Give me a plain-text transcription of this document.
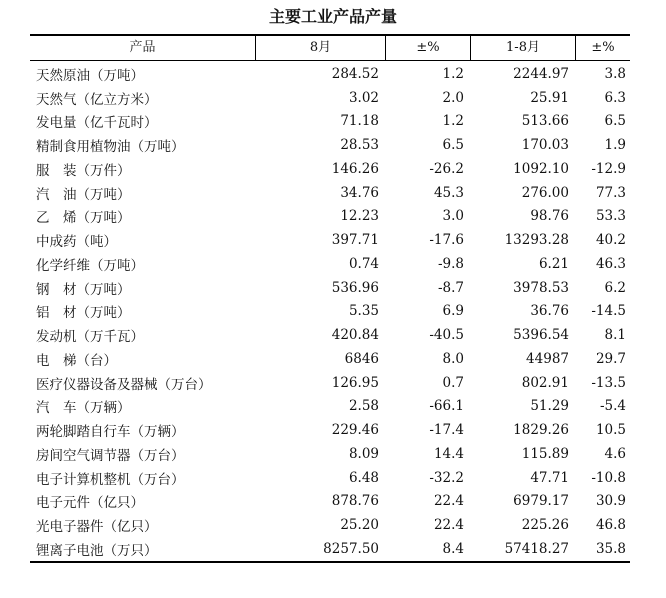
主要工业产品产量
产品	8月	±%	1-8月	±%
天然原油（万吨）	284.52	1.2	2244.97	3.8
天然气（亿立方米）	3.02	2.0	25.91	6.3
发电量（亿千瓦时）	71.18	1.2	513.66	6.5
精制食用植物油（万吨）	28.53	6.5	170.03	1.9
服　装（万件）	146.26	-26.2	1092.10	-12.9
汽　油（万吨）	34.76	45.3	276.00	77.3
乙　烯（万吨）	12.23	3.0	98.76	53.3
中成药（吨）	397.71	-17.6	13293.28	40.2
化学纤维（万吨）	0.74	-9.8	6.21	46.3
钢　材（万吨）	536.96	-8.7	3978.53	6.2
铝　材（万吨）	5.35	6.9	36.76	-14.5
发动机（万千瓦）	420.84	-40.5	5396.54	8.1
电　梯（台）	6846	8.0	44987	29.7
医疗仪器设备及器械（万台）	126.95	0.7	802.91	-13.5
汽　车（万辆）	2.58	-66.1	51.29	-5.4
两轮脚踏自行车（万辆）	229.46	-17.4	1829.26	10.5
房间空气调节器（万台）	8.09	14.4	115.89	4.6
电子计算机整机（万台）	6.48	-32.2	47.71	-10.8
电子元件（亿只）	878.76	22.4	6979.17	30.9
光电子器件（亿只）	25.20	22.4	225.26	46.8
锂离子电池（万只）	8257.50	8.4	57418.27	35.8
